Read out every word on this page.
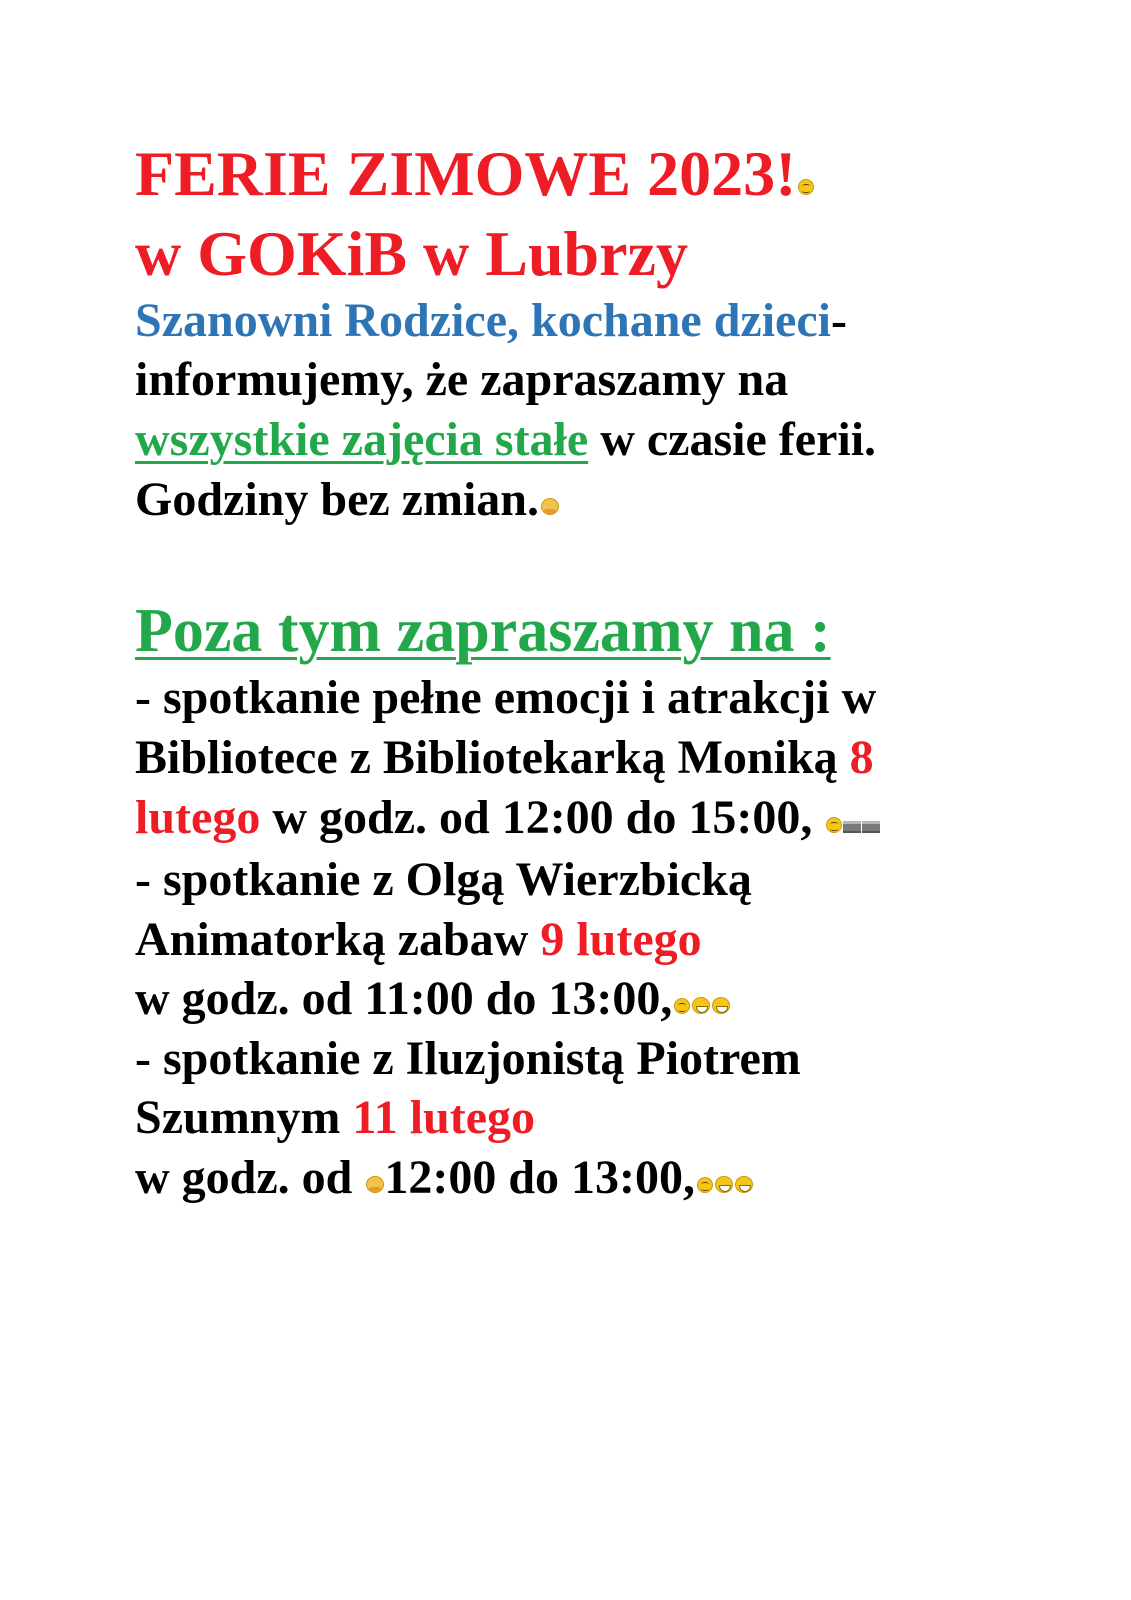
FERIE ZIMOWE 2023!
w GOKiB w Lubrzy
Szanowni Rodzice, kochane dzieci-
informujemy, że zapraszamy na
wszystkie zajęcia stałe w czasie ferii.
Godziny bez zmian.
Poza tym zapraszamy na :
- spotkanie pełne emocji i atrakcji w
Bibliotece z Bibliotekarką Moniką 8
lutego w godz. od 12:00 do 15:00,
- spotkanie z Olgą Wierzbicką
Animatorką zabaw 9 lutego
w godz. od 11:00 do 13:00,
- spotkanie z Iluzjonistą Piotrem
Szumnym 11 lutego
w godz. od 12:00 do 13:00,
